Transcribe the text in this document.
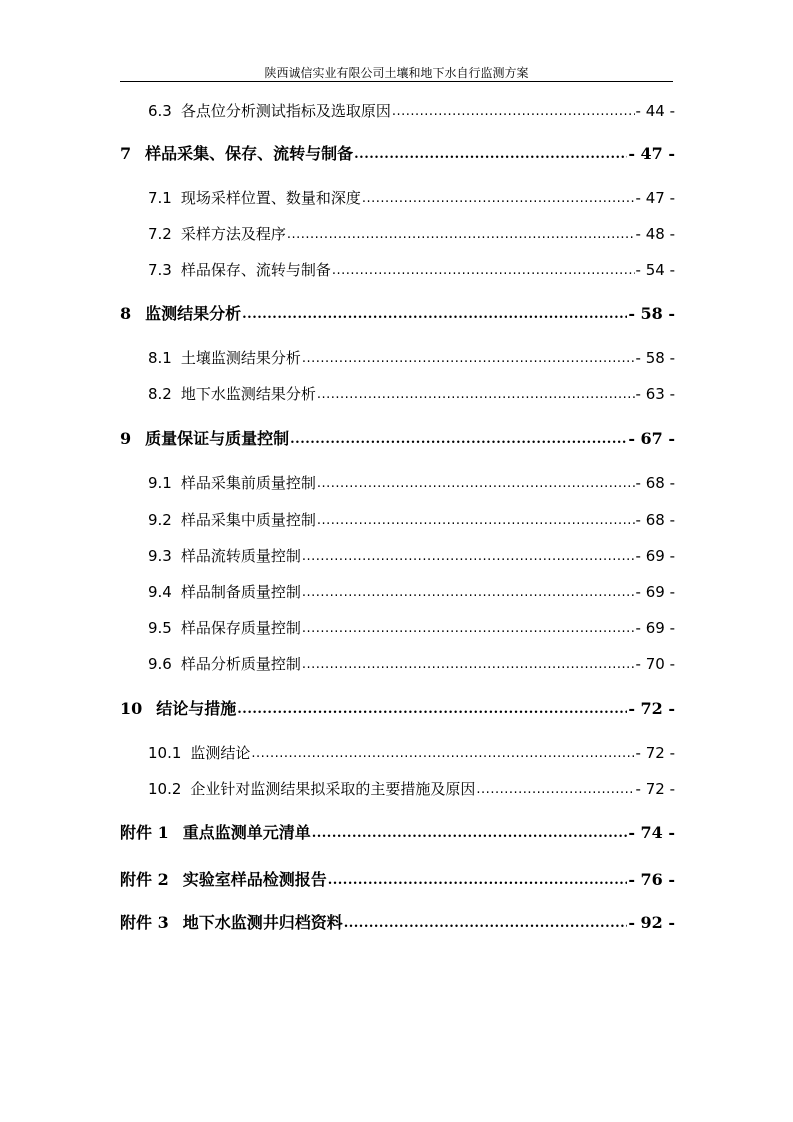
陕西诚信实业有限公司土壤和地下水自行监测方案
6.3 各点位分析测试指标及选取原因 .....	- 44 -
7 样品采集、保存、流转与制备 .....	- 47 -
7.1 现场采样位置、数量和深度 .....	- 47 -
7.2 采样方法及程序 .....	- 48 -
7.3 样品保存、流转与制备 .....	- 54 -
8 监测结果分析 .....	- 58 -
8.1 土壤监测结果分析 .....	- 58 -
8.2 地下水监测结果分析 .....	- 63 -
9 质量保证与质量控制 .....	- 67 -
9.1 样品采集前质量控制 .....	- 68 -
9.2 样品采集中质量控制 .....	- 68 -
9.3 样品流转质量控制 .....	- 69 -
9.4 样品制备质量控制 .....	- 69 -
9.5 样品保存质量控制 .....	- 69 -
9.6 样品分析质量控制 .....	- 70 -
10 结论与措施 .....	- 72 -
10.1 监测结论 .....	- 72 -
10.2 企业针对监测结果拟采取的主要措施及原因 .....	- 72 -
附件 1 重点监测单元清单 .....	- 74 -
附件 2 实验室样品检测报告 .....	- 76 -
附件 3 地下水监测井归档资料 .....	- 92 -
